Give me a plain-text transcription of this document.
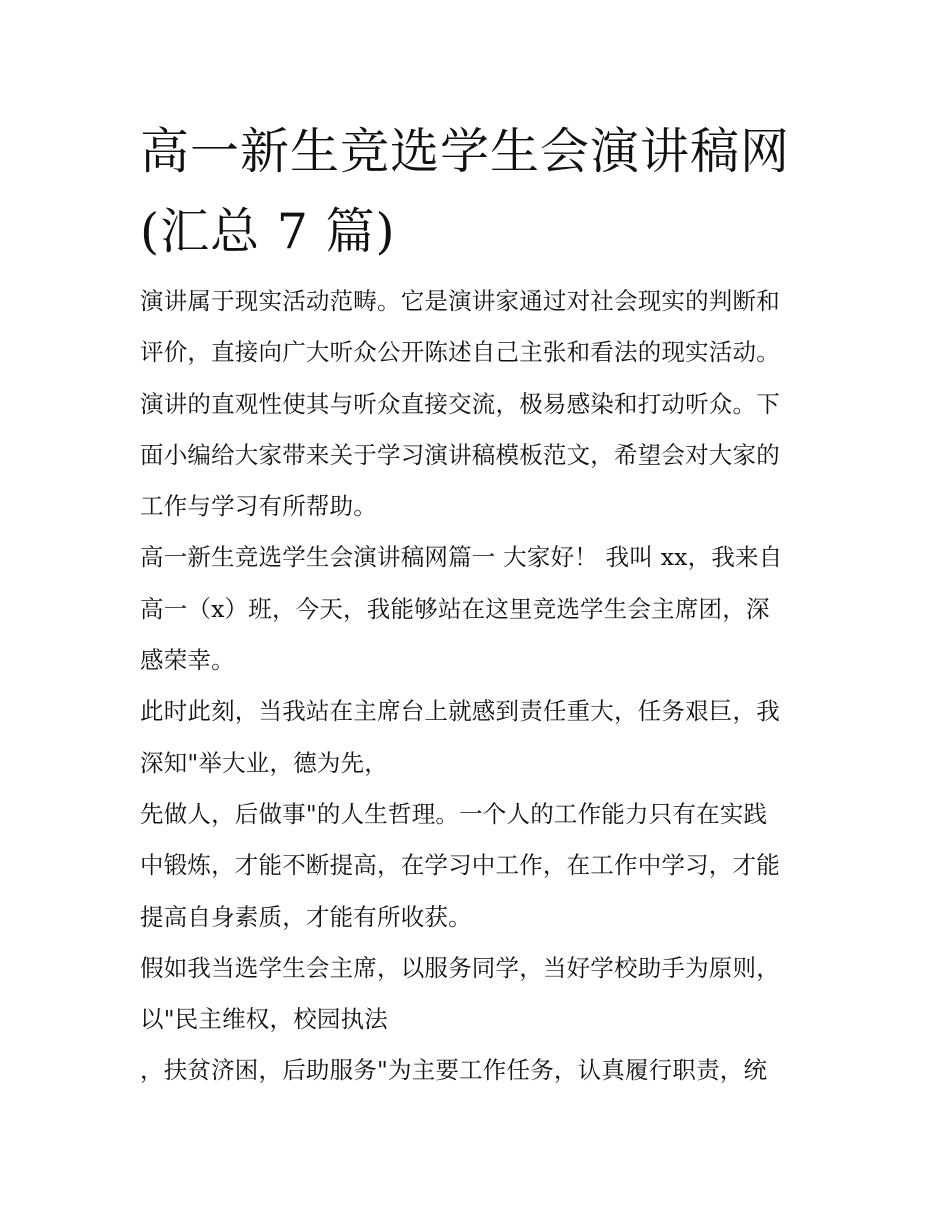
高一新生竞选学生会演讲稿网
(汇总 7 篇)
演讲属于现实活动范畴。它是演讲家通过对社会现实的判断和
评价，直接向广大听众公开陈述自己主张和看法的现实活动。
演讲的直观性使其与听众直接交流，极易感染和打动听众。下
面小编给大家带来关于学习演讲稿模板范文，希望会对大家的
工作与学习有所帮助。
高一新生竞选学生会演讲稿网篇一 大家好！ 我叫 xx，我来自
高一（x）班，今天，我能够站在这里竞选学生会主席团，深
感荣幸。
此时此刻，当我站在主席台上就感到责任重大，任务艰巨，我
深知"举大业，德为先，
先做人，后做事"的人生哲理。一个人的工作能力只有在实践
中锻炼，才能不断提高，在学习中工作，在工作中学习，才能
提高自身素质，才能有所收获。
假如我当选学生会主席，以服务同学，当好学校助手为原则，
以"民主维权，校园执法
，扶贫济困，后助服务"为主要工作任务，认真履行职责，统
